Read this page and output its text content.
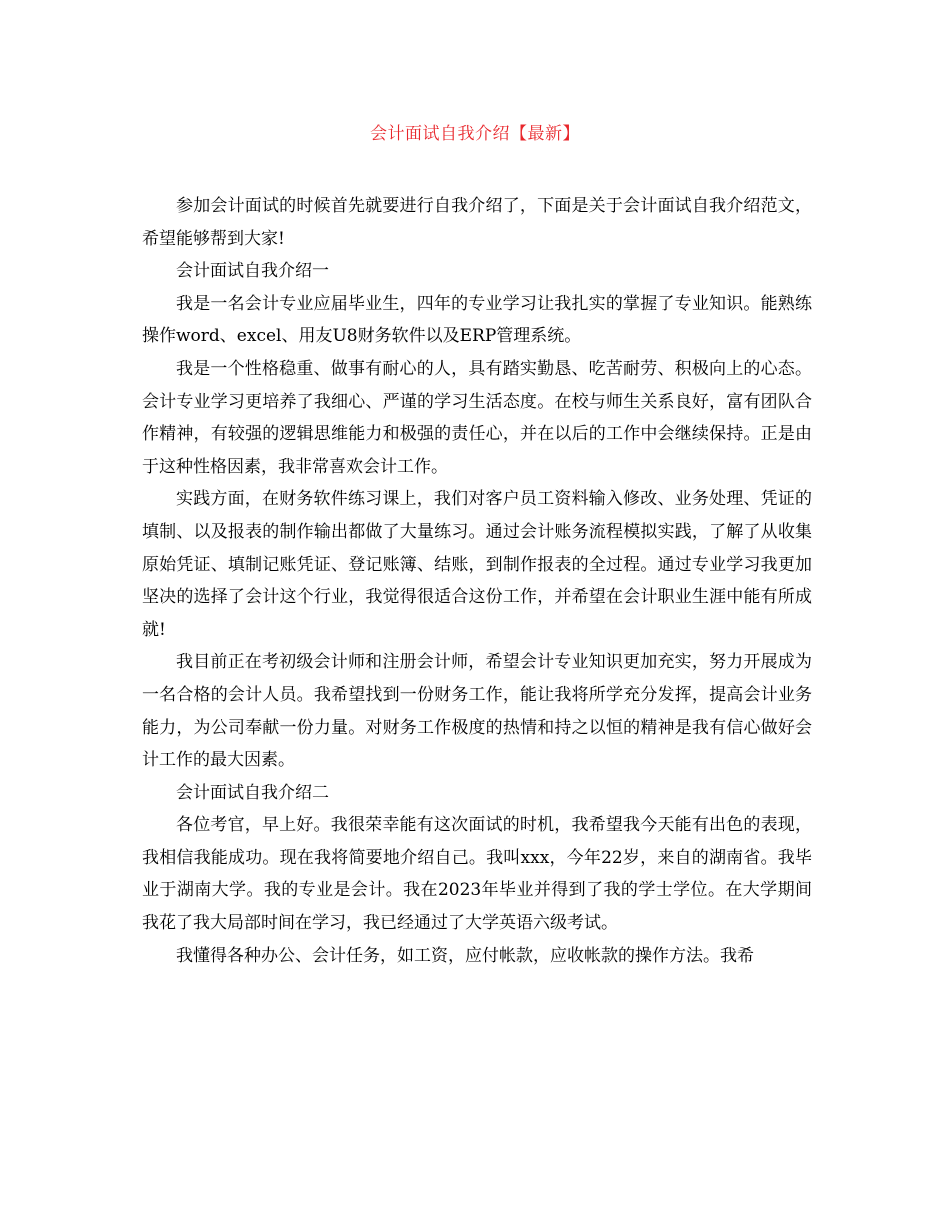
会计面试自我介绍【最新】

参加会计面试的时候首先就要进行自我介绍了，下面是关于会计面试自我介绍范文，希望能够帮到大家!

会计面试自我介绍一

我是一名会计专业应届毕业生，四年的专业学习让我扎实的掌握了专业知识。能熟练操作word、excel、用友U8财务软件以及ERP管理系统。

我是一个性格稳重、做事有耐心的人，具有踏实勤恳、吃苦耐劳、积极向上的心态。会计专业学习更培养了我细心、严谨的学习生活态度。在校与师生关系良好，富有团队合作精神，有较强的逻辑思维能力和极强的责任心，并在以后的工作中会继续保持。正是由于这种性格因素，我非常喜欢会计工作。

实践方面，在财务软件练习课上，我们对客户员工资料输入修改、业务处理、凭证的填制、以及报表的制作输出都做了大量练习。通过会计账务流程模拟实践，了解了从收集原始凭证、填制记账凭证、登记账簿、结账，到制作报表的全过程。通过专业学习我更加坚决的选择了会计这个行业，我觉得很适合这份工作，并希望在会计职业生涯中能有所成就!

我目前正在考初级会计师和注册会计师，希望会计专业知识更加充实，努力开展成为一名合格的会计人员。我希望找到一份财务工作，能让我将所学充分发挥，提高会计业务能力，为公司奉献一份力量。对财务工作极度的热情和持之以恒的精神是我有信心做好会计工作的最大因素。

会计面试自我介绍二

各位考官，早上好。我很荣幸能有这次面试的时机，我希望我今天能有出色的表现，我相信我能成功。现在我将简要地介绍自己。我叫xxx，今年22岁，来自的湖南省。我毕业于湖南大学。我的专业是会计。我在2023年毕业并得到了我的学士学位。在大学期间我花了我大局部时间在学习，我已经通过了大学英语六级考试。

我懂得各种办公、会计任务，如工资，应付帐款，应收帐款的操作方法。我希
